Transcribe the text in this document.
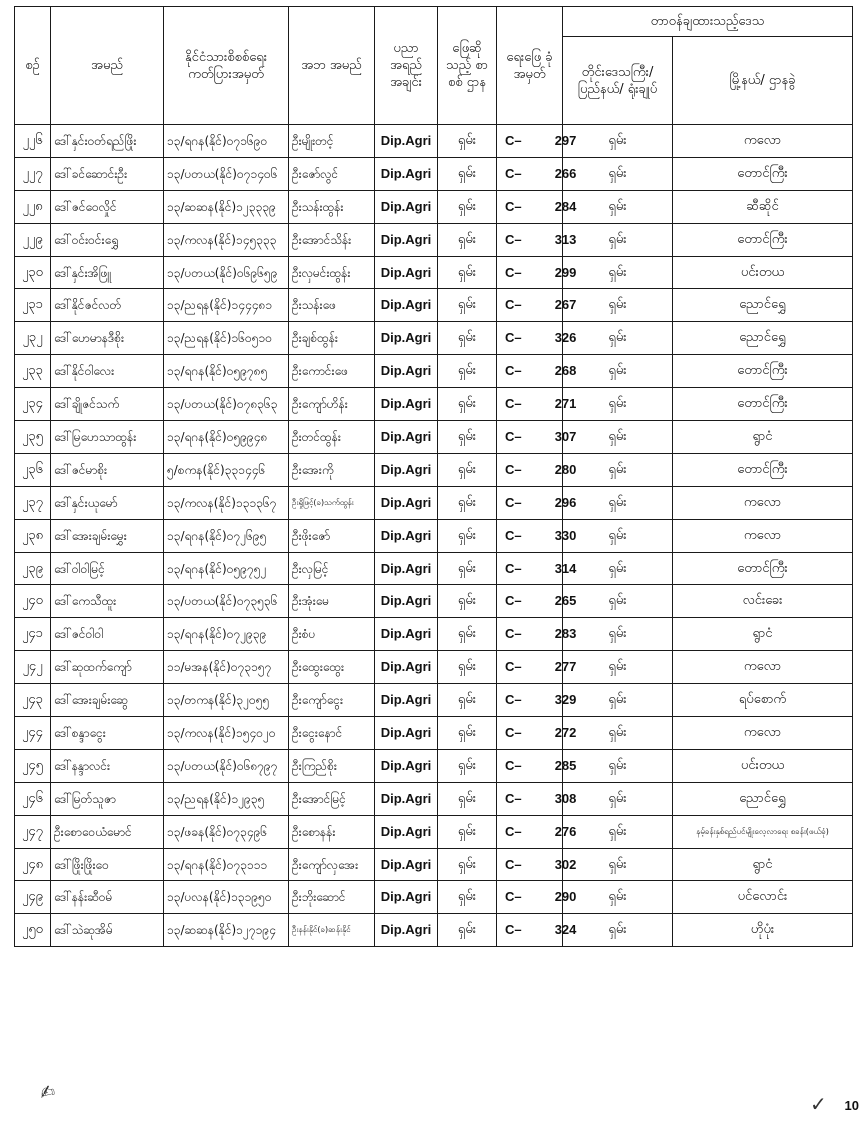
စဉ်	အမည်	နိုင်ငံသားစိစစ်ရေး ကတ်ပြားအမှတ်	အဘ အမည်	ပညာ အရည် အချင်း	ဖြေဆို သည့် စာစစ် ဌာန	ရေးဖြေ ခုံအမှတ်	တာဝန်ချထားသည့်ဒေသ	
							တိုင်းဒေသကြီး/ ပြည်နယ်/ ရုံးချုပ်	မြို့နယ်/ ဌာနခွဲ
၂၂၆	ဒေါ်နှင်းဝတ်ရည်ဖြိုး	၁၃/ရဂန(နိုင်)၀၇၁၆၉၀	ဦးမျိုးတင့်	Dip.Agri	ရှမ်း	C– 297	ရှမ်း	ကလော
၂၂၇	ဒေါ်ခင်ဆောင်းဦး	၁၃/ပတယ(နိုင်)၀၇၁၄၀၆	ဦးဇော်လွင်	Dip.Agri	ရှမ်း	C– 266	ရှမ်း	တောင်ကြီး
၂၂၈	ဒေါ်ဇင်ဝေလှိုင်	၁၃/ဆဆန(နိုင်)၁၂၃၃၃၉	ဦးသန်းထွန်း	Dip.Agri	ရှမ်း	C– 284	ရှမ်း	ဆီဆိုင်
၂၂၉	ဒေါ်ဝင်းဝင်းရွှေ	၁၃/ကလန(နိုင်)၁၄၅၃၃၃	ဦးအောင်သိန်း	Dip.Agri	ရှမ်း	C– 313	ရှမ်း	တောင်ကြီး
၂၃၀	ဒေါ်နှင်းအိဖြူ	၁၃/ပတယ(နိုင်)၀၆၉၆၅၉	ဦးလှမင်းထွန်း	Dip.Agri	ရှမ်း	C– 299	ရှမ်း	ပင်းတယ
၂၃၁	ဒေါ်နိုင်ဇင်လတ်	၁၃/ညရန(နိုင်)၁၄၄၄၈၁	ဦးသန်းဖေ	Dip.Agri	ရှမ်း	C– 267	ရှမ်း	ညောင်ရွှေ
၂၃၂	ဒေါ်ဟေမာနဒီစိုး	၁၃/ညရန(နိုင်)၁၆၀၅၁၀	ဦးချစ်ထွန်း	Dip.Agri	ရှမ်း	C– 326	ရှမ်း	ညောင်ရွှေ
၂၃၃	ဒေါ်နိုင်ဝါလေး	၁၃/ရဂန(နိုင်)၀၅၉၇၈၅	ဦးကောင်းဖေ	Dip.Agri	ရှမ်း	C– 268	ရှမ်း	တောင်ကြီး
၂၃၄	ဒေါ်ချိုဇင်သက်	၁၃/ပတယ(နိုင်)၀၇၈၃၆၃	ဦးကျော်ဟိန်း	Dip.Agri	ရှမ်း	C– 271	ရှမ်း	တောင်ကြီး
၂၃၅	ဒေါ်မြဟေသာထွန်း	၁၃/ရဂန(နိုင်)၀၅၉၉၄၈	ဦးတင်ထွန်း	Dip.Agri	ရှမ်း	C– 307	ရှမ်း	ရွာငံ
၂၃၆	ဒေါ်ဇင်မာစိုး	၅/စကန(နိုင်)၃၃၁၄၄၆	ဦးအေးကို	Dip.Agri	ရှမ်း	C– 280	ရှမ်း	တောင်ကြီး
၂၃၇	ဒေါ်နှင်းယုမော်	၁၃/ကလန(နိုင်)၁၃၁၃၆၇	ဦးရှိုဖြင့်(ခ)သက်ထွန်း	Dip.Agri	ရှမ်း	C– 296	ရှမ်း	ကလော
၂၃၈	ဒေါ်အေးချမ်းမွှေး	၁၃/ရဂန(နိုင်)၀၇၂၆၉၅	ဦးဖိုးဇော်	Dip.Agri	ရှမ်း	C– 330	ရှမ်း	ကလော
၂၃၉	ဒေါ်ဝါဝါမြင့်	၁၃/ရဂန(နိုင်)၀၅၉၇၅၂	ဦးလှမြင့်	Dip.Agri	ရှမ်း	C– 314	ရှမ်း	တောင်ကြီး
၂၄၀	ဒေါ်ကေသီထူး	၁၃/ပတယ(နိုင်)၀၇၃၅၃၆	ဦးအုံးမေ	Dip.Agri	ရှမ်း	C– 265	ရှမ်း	လင်းခေး
၂၄၁	ဒေါ်ဇင်ဝါဝါ	၁၃/ရဂန(နိုင်)၀၇၂၉၃၉	ဦးစံပ	Dip.Agri	ရှမ်း	C– 283	ရှမ်း	ရွာငံ
၂၄၂	ဒေါ်ဆုထက်ကျော်	၁၁/မအန(နိုင်)၀၇၃၁၅၇	ဦးထွေးထွေး	Dip.Agri	ရှမ်း	C– 277	ရှမ်း	ကလော
၂၄၃	ဒေါ်အေးချမ်းဆွေ	၁၃/တကန(နိုင်)၃၂၀၅၅	ဦးကျော်ငွေး	Dip.Agri	ရှမ်း	C– 329	ရှမ်း	ရပ်စောက်
၂၄၄	ဒေါ်စန္ဒာငွေး	၁၃/ကလန(နိုင်)၁၅၄၀၂၀	ဦးငွေးနောင်	Dip.Agri	ရှမ်း	C– 272	ရှမ်း	ကလော
၂၄၅	ဒေါ်နန္ဒာလင်း	၁၃/ပတယ(နိုင်)၀၆၈၇၉၇	ဦးကြည်စိုး	Dip.Agri	ရှမ်း	C– 285	ရှမ်း	ပင်းတယ
၂၄၆	ဒေါ်မြတ်သူဇာ	၁၃/ညရန(နိုင်)၁၂၉၃၅	ဦးအောင်မြင့်	Dip.Agri	ရှမ်း	C– 308	ရှမ်း	ညောင်ရွှေ
၂၄၇	ဦးစောဝေယံမောင်	၁၃/ဖခန(နိုင်)၀၇၃၄၉၆	ဦးစောနန်း	Dip.Agri	ရှမ်း	C– 276	ရှမ်း	နမ့်ခန်းနှစ်ရည်ပင်မျိုးလေ့လာရေး စခန်း(ဖယ်ခုံ)
၂၄၈	ဒေါ်ဖြိုးဖြိုးဝေ	၁၃/ရဂန(နိုင်)၀၇၃၁၁၁	ဦးကျော်လှအေး	Dip.Agri	ရှမ်း	C– 302	ရှမ်း	ရွာငံ
၂၄၉	ဒေါ်နန်းဆီဝမ်	၁၃/ပလန(နိုင်)၁၃၁၉၅၀	ဦးဘိုးဆောင်	Dip.Agri	ရှမ်း	C– 290	ရှမ်း	ပင်လောင်း
၂၅၀	ဒေါ်သဲဆုအိမ်	၁၃/ဆဆန(နိုင်)၁၂၇၁၉၄	ဦးနန်းနိုင်(ခ)ဆန်းနိုင်	Dip.Agri	ရှမ်း	C– 324	ရှမ်း	ဟိုပုံး
✍	✓ 10
